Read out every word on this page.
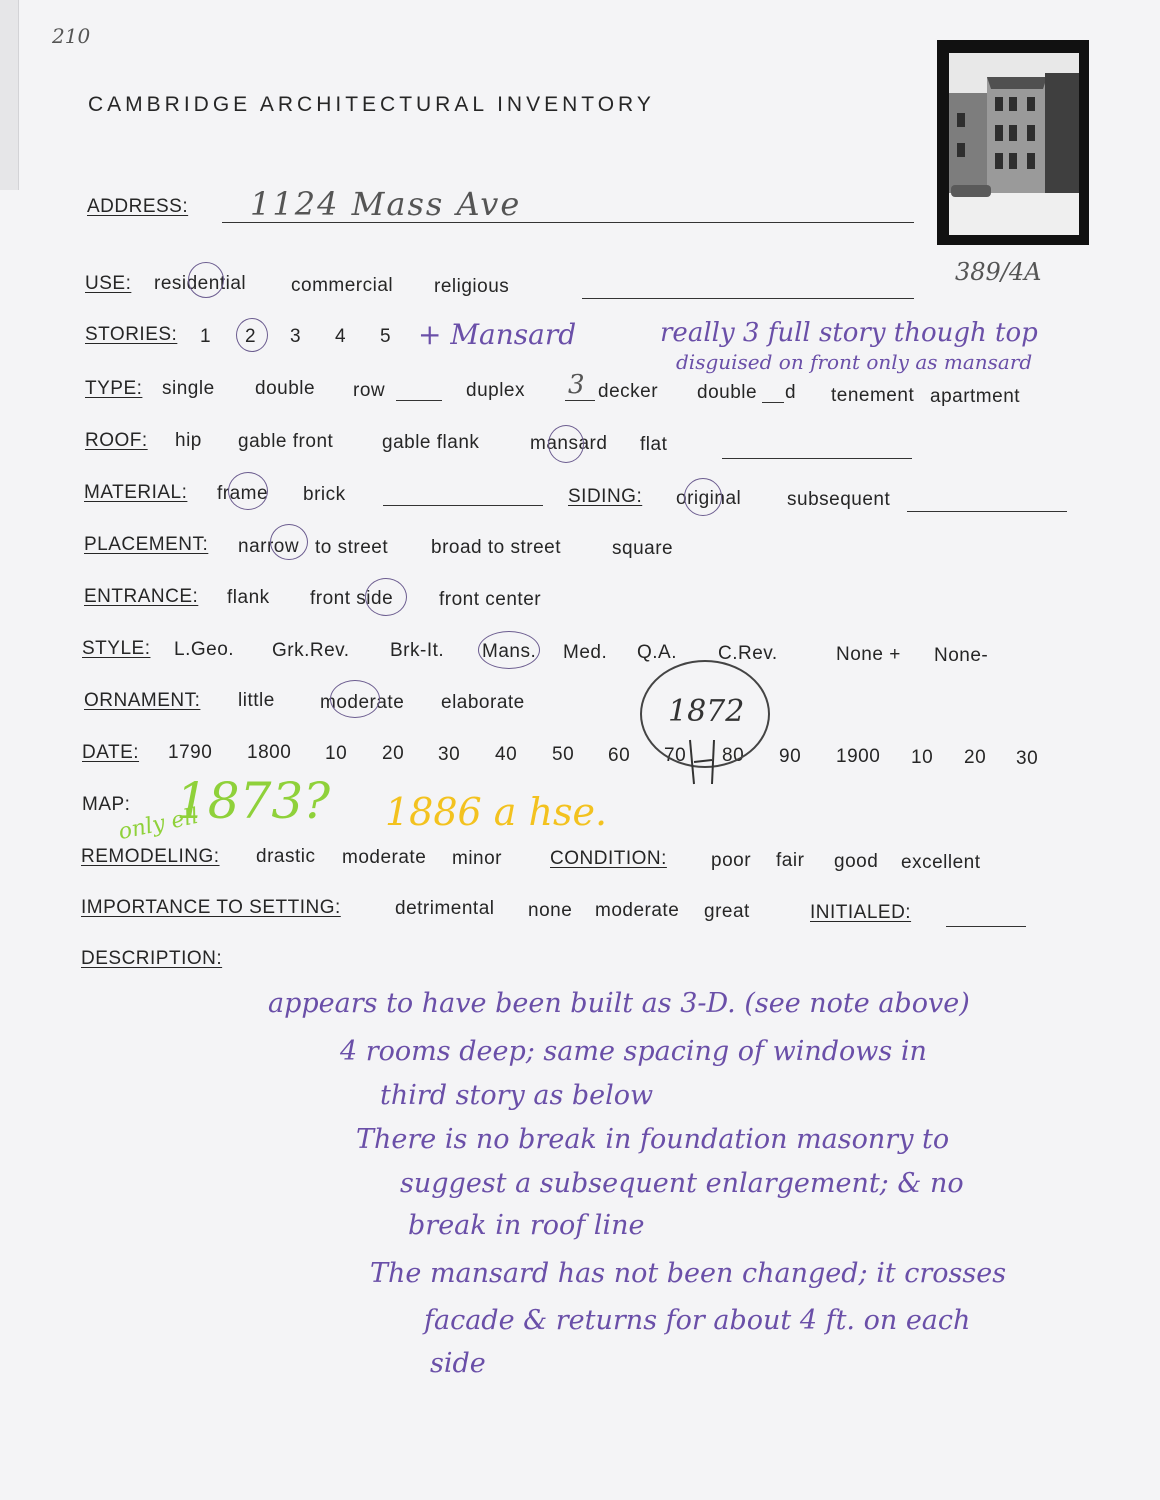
210
CAMBRIDGE ARCHITECTURAL INVENTORY
389/4A
ADDRESS: 1124 Mass Ave
USE: residential commercial religious
STORIES: 1 2 3 4 5 + Mansard	really 3 full story though top
disguised on front only as mansard
TYPE: single double row	duplex 3 decker double d tenement apartment
ROOF: hip gable front	gable flank	mansard flat
MATERIAL: frame brick	SIDING: original subsequent
PLACEMENT: narrow to street broad to street	square
ENTRANCE: flank front side front center
STYLE: L.Geo. Grk.Rev. Brk-It. Mans. Med. Q.A. C.Rev.	None + None-
ORNAMENT: little moderate elaborate
DATE: 1790 1800 10 20 30 40 50 60 70 80 90 1900 10 20 30
1872
MAP: 1873? 1886 a hse.
only ell
REMODELING: drastic moderate minor	CONDITION: poor fair good excellent
IMPORTANCE TO SETTING:	detrimental none moderate great	INITIALED:
DESCRIPTION:
appears to have been built as 3-D. (see note above)
4 rooms deep; same spacing of windows in
third story as below
There is no break in foundation masonry to
suggest a subsequent enlargement; & no
break in roof line
The mansard has not been changed; it crosses
facade & returns for about 4 ft. on each
side
